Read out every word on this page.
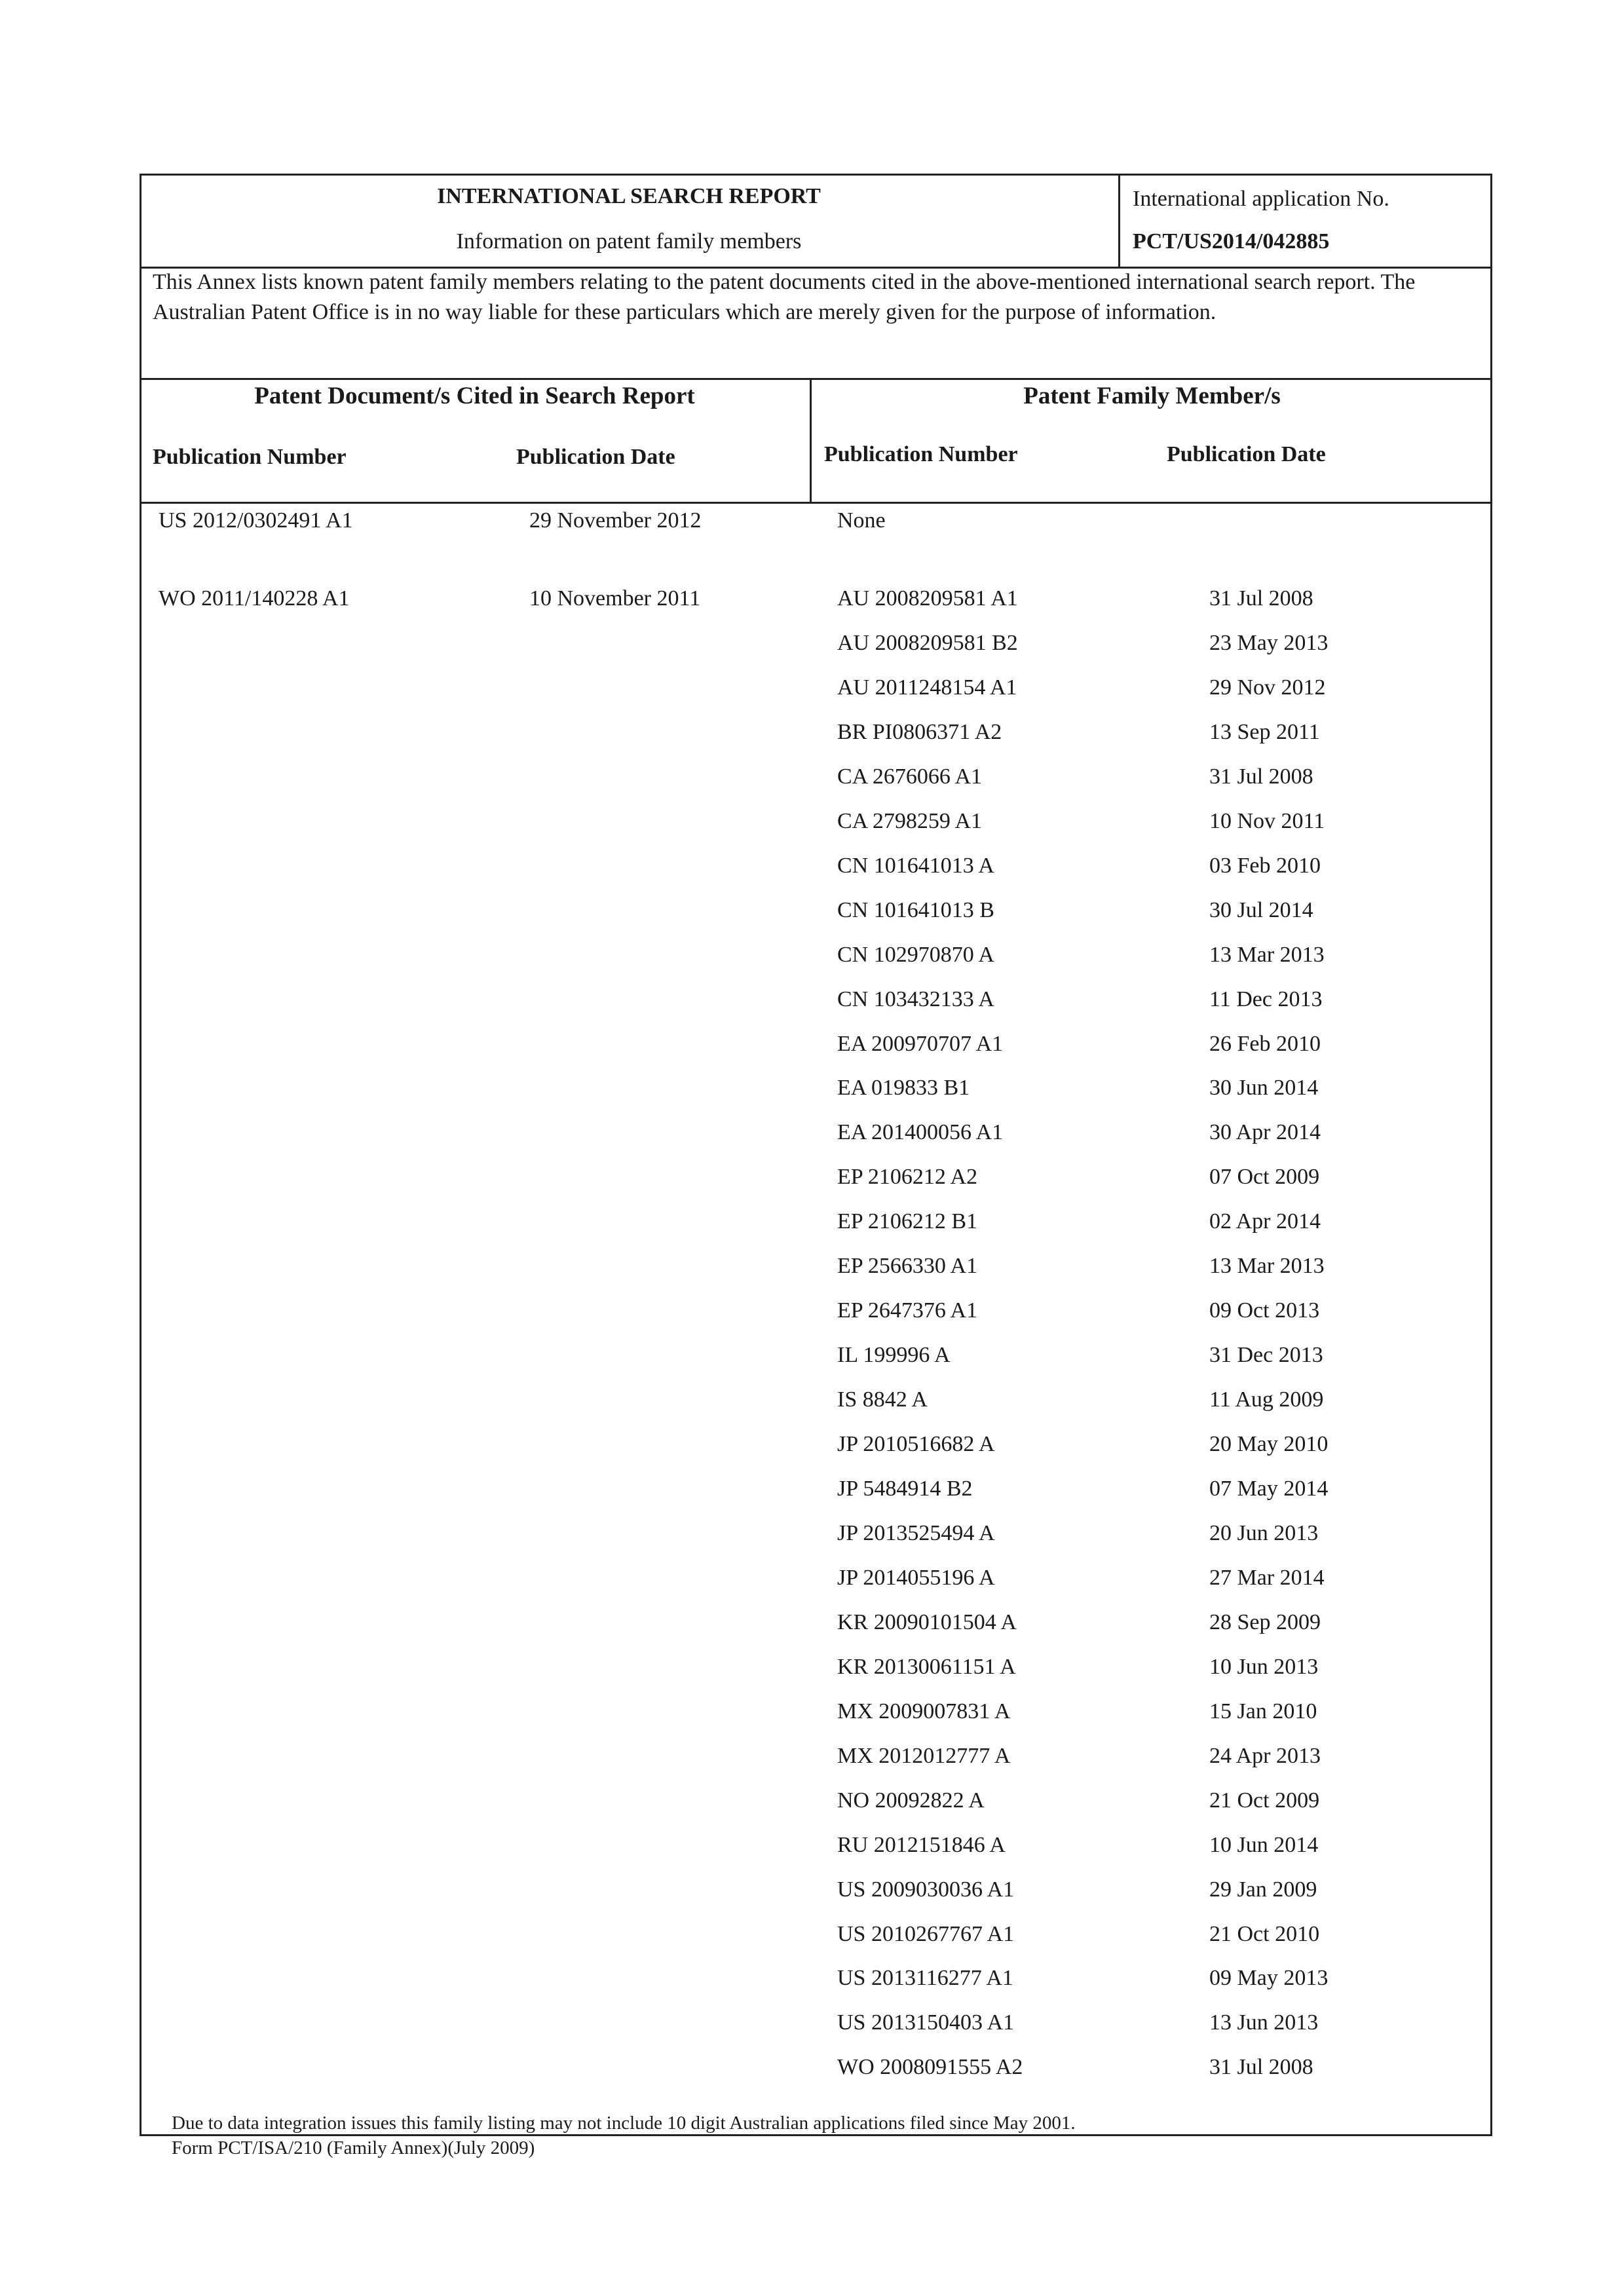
INTERNATIONAL SEARCH REPORT
Information on patent family members
International application No.
PCT/US2014/042885
This Annex lists known patent family members relating to the patent documents cited in the above-mentioned international search report. The Australian Patent Office is in no way liable for these particulars which are merely given for the purpose of information.
Patent Document/s Cited in Search Report	Patent Family Member/s
Publication Number	Publication Date	Publication Number	Publication Date
US 2012/0302491 A1	29 November 2012	None
WO 2011/140228 A1	10 November 2011	AU 2008209581 A1	31 Jul 2008
AU 2008209581 B2	23 May 2013
AU 2011248154 A1	29 Nov 2012
BR PI0806371 A2	13 Sep 2011
CA 2676066 A1	31 Jul 2008
CA 2798259 A1	10 Nov 2011
CN 101641013 A	03 Feb 2010
CN 101641013 B	30 Jul 2014
CN 102970870 A	13 Mar 2013
CN 103432133 A	11 Dec 2013
EA 200970707 A1	26 Feb 2010
EA 019833 B1	30 Jun 2014
EA 201400056 A1	30 Apr 2014
EP 2106212 A2	07 Oct 2009
EP 2106212 B1	02 Apr 2014
EP 2566330 A1	13 Mar 2013
EP 2647376 A1	09 Oct 2013
IL 199996 A	31 Dec 2013
IS 8842 A	11 Aug 2009
JP 2010516682 A	20 May 2010
JP 5484914 B2	07 May 2014
JP 2013525494 A	20 Jun 2013
JP 2014055196 A	27 Mar 2014
KR 20090101504 A	28 Sep 2009
KR 20130061151 A	10 Jun 2013
MX 2009007831 A	15 Jan 2010
MX 2012012777 A	24 Apr 2013
NO 20092822 A	21 Oct 2009
RU 2012151846 A	10 Jun 2014
US 2009030036 A1	29 Jan 2009
US 2010267767 A1	21 Oct 2010
US 2013116277 A1	09 May 2013
US 2013150403 A1	13 Jun 2013
WO 2008091555 A2	31 Jul 2008
Due to data integration issues this family listing may not include 10 digit Australian applications filed since May 2001.
Form PCT/ISA/210 (Family Annex)(July 2009)
